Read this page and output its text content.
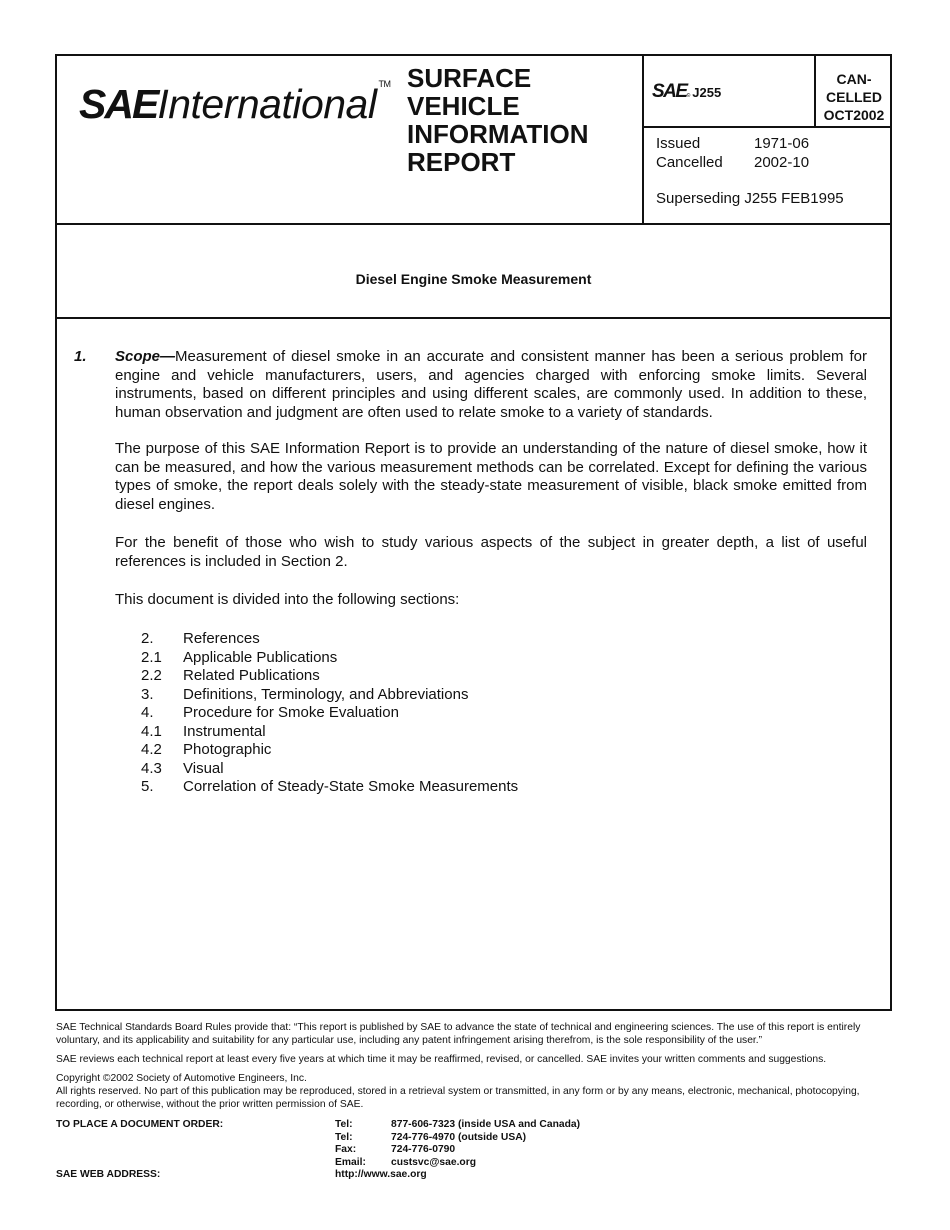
SAEInternational ™ SURFACE
VEHICLE
INFORMATION
REPORT
SAE© J255
CAN-
CELLED
OCT2002
Issued	1971-06
Cancelled	2002-10
Superseding J255 FEB1995
Diesel Engine Smoke Measurement
1. Scope—Measurement of diesel smoke in an accurate and consistent manner has been a serious problem for engine and vehicle manufacturers, users, and agencies charged with enforcing smoke limits. Several instruments, based on different principles and using different scales, are commonly used. In addition to these, human observation and judgment are often used to relate smoke to a variety of standards.

The purpose of this SAE Information Report is to provide an understanding of the nature of diesel smoke, how it can be measured, and how the various measurement methods can be correlated. Except for defining the various types of smoke, the report deals solely with the steady-state measurement of visible, black smoke emitted from diesel engines.

For the benefit of those who wish to study various aspects of the subject in greater depth, a list of useful references is included in Section 2.

This document is divided into the following sections:

2.	References
2.1	Applicable Publications
2.2	Related Publications
3.	Definitions, Terminology, and Abbreviations
4.	Procedure for Smoke Evaluation
4.1	Instrumental
4.2	Photographic
4.3	Visual
5.	Correlation of Steady-State Smoke Measurements

SAE Technical Standards Board Rules provide that: “This report is published by SAE to advance the state of technical and engineering sciences. The use of this report is entirely voluntary, and its applicability and suitability for any particular use, including any patent infringement arising therefrom, is the sole responsibility of the user.”

SAE reviews each technical report at least every five years at which time it may be reaffirmed, revised, or cancelled. SAE invites your written comments and suggestions.

Copyright ©2002 Society of Automotive Engineers, Inc.

All rights reserved. No part of this publication may be reproduced, stored in a retrieval system or transmitted, in any form or by any means, electronic, mechanical, photocopying, recording, or otherwise, without the prior written permission of SAE.

TO PLACE A DOCUMENT ORDER:
SAE WEB ADDRESS:
Tel:	877-606-7323 (inside USA and Canada)
Tel:	724-776-4970 (outside USA)
Fax:	724-776-0790
Email: custsvc@sae.org
http://www.sae.org
